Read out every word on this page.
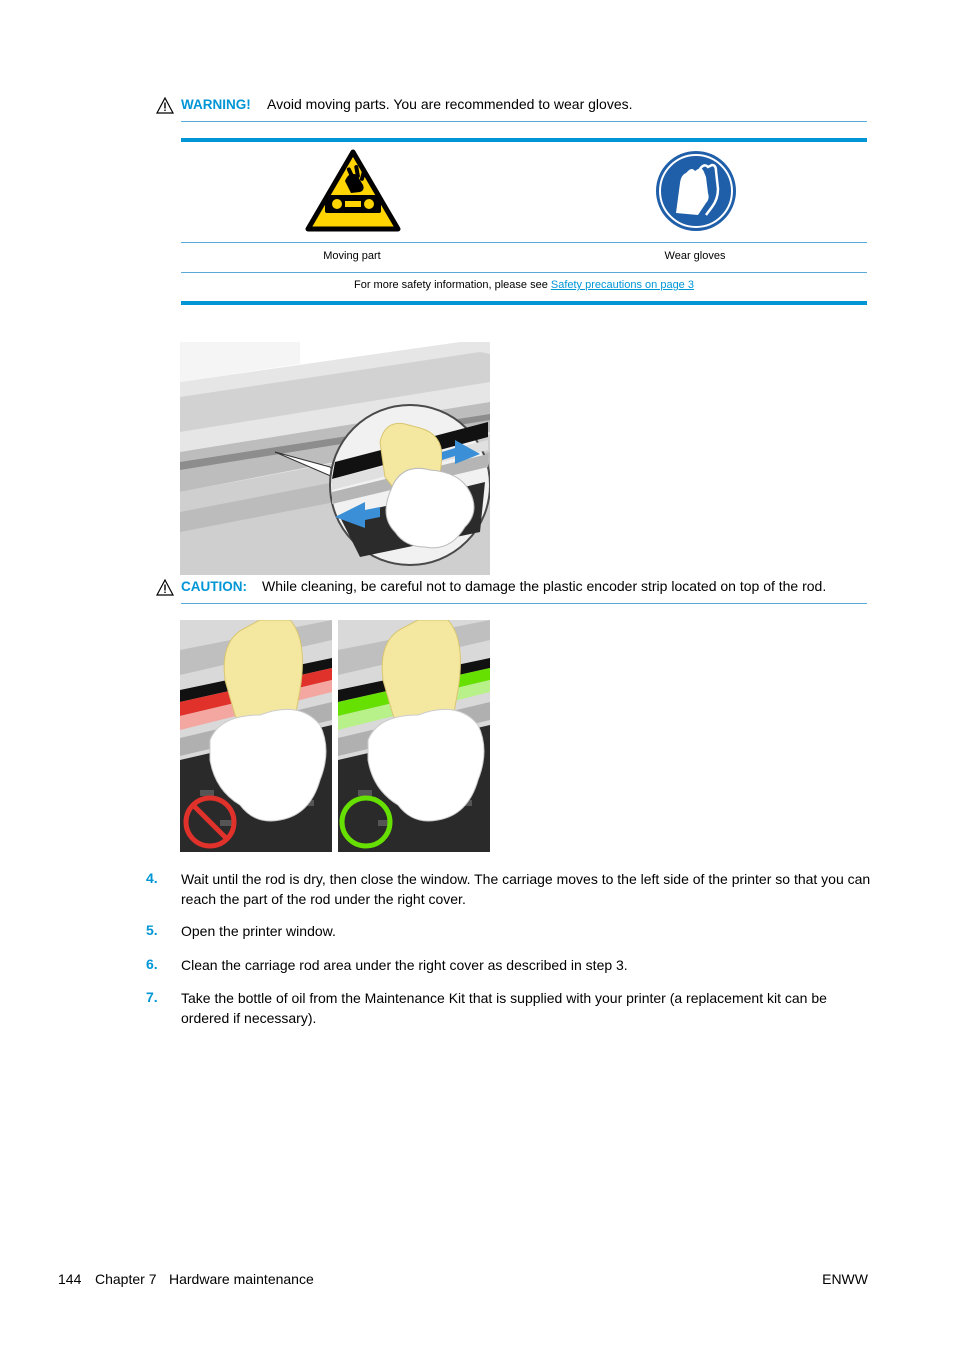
WARNING! Avoid moving parts. You are recommended to wear gloves.
Moving part	Wear gloves
For more safety information, please see Safety precautions on page 3
CAUTION: While cleaning, be careful not to damage the plastic encoder strip located on top of the rod.
4. Wait until the rod is dry, then close the window. The carriage moves to the left side of the printer so that you can reach the part of the rod under the right cover.
5. Open the printer window.
6. Clean the carriage rod area under the right cover as described in step 3.
7. Take the bottle of oil from the Maintenance Kit that is supplied with your printer (a replacement kit can be ordered if necessary).
144 Chapter 7 Hardware maintenance	ENWW
